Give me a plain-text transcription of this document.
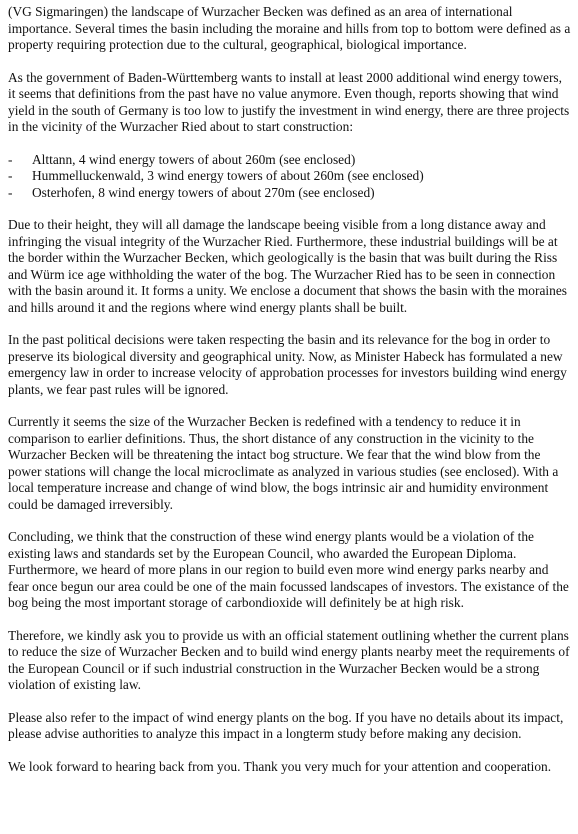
(VG Sigmaringen) the landscape of Wurzacher Becken was defined as an area of international importance. Several times the basin including the moraine and hills from top to bottom were defined as a property requiring protection due to the cultural, geographical, biological importance.

As the government of Baden-Württemberg wants to install at least 2000 additional wind energy towers, it seems that definitions from the past have no value anymore. Even though, reports showing that wind yield in the south of Germany is too low to justify the investment in wind energy, there are three projects in the vicinity of the Wurzacher Ried about to start construction:

- Alttann, 4 wind energy towers of about 260m (see enclosed)
- Hummelluckenwald, 3 wind energy towers of about 260m (see enclosed)
- Osterhofen, 8 wind energy towers of about 270m (see enclosed)

Due to their height, they will all damage the landscape beeing visible from a long distance away and infringing the visual integrity of the Wurzacher Ried. Furthermore, these industrial buildings will be at the border within the Wurzacher Becken, which geologically is the basin that was built during the Riss and Würm ice age withholding the water of the bog. The Wurzacher Ried has to be seen in connection with the basin around it. It forms a unity. We enclose a document that shows the basin with the moraines and hills around it and the regions where wind energy plants shall be built.

In the past political decisions were taken respecting the basin and its relevance for the bog in order to preserve its biological diversity and geographical unity. Now, as Minister Habeck has formulated a new emergency law in order to increase velocity of approbation processes for investors building wind energy plants, we fear past rules will be ignored.

Currently it seems the size of the Wurzacher Becken is redefined with a tendency to reduce it in comparison to earlier definitions. Thus, the short distance of any construction in the vicinity to the Wurzacher Becken will be threatening the intact bog structure. We fear that the wind blow from the power stations will change the local microclimate as analyzed in various studies (see enclosed). With a local temperature increase and change of wind blow, the bogs intrinsic air and humidity environment could be damaged irreversibly.

Concluding, we think that the construction of these wind energy plants would be a violation of the existing laws and standards set by the European Council, who awarded the European Diploma. Furthermore, we heard of more plans in our region to build even more wind energy parks nearby and fear once begun our area could be one of the main focussed landscapes of investors. The existance of the bog being the most important storage of carbondioxide will definitely be at high risk.

Therefore, we kindly ask you to provide us with an official statement outlining whether the current plans to reduce the size of Wurzacher Becken and to build wind energy plants nearby meet the requirements of the European Council or if such industrial construction in the Wurzacher Becken would be a strong violation of existing law.

Please also refer to the impact of wind energy plants on the bog. If you have no details about its impact, please advise authorities to analyze this impact in a longterm study before making any decision.

We look forward to hearing back from you. Thank you very much for your attention and cooperation.
